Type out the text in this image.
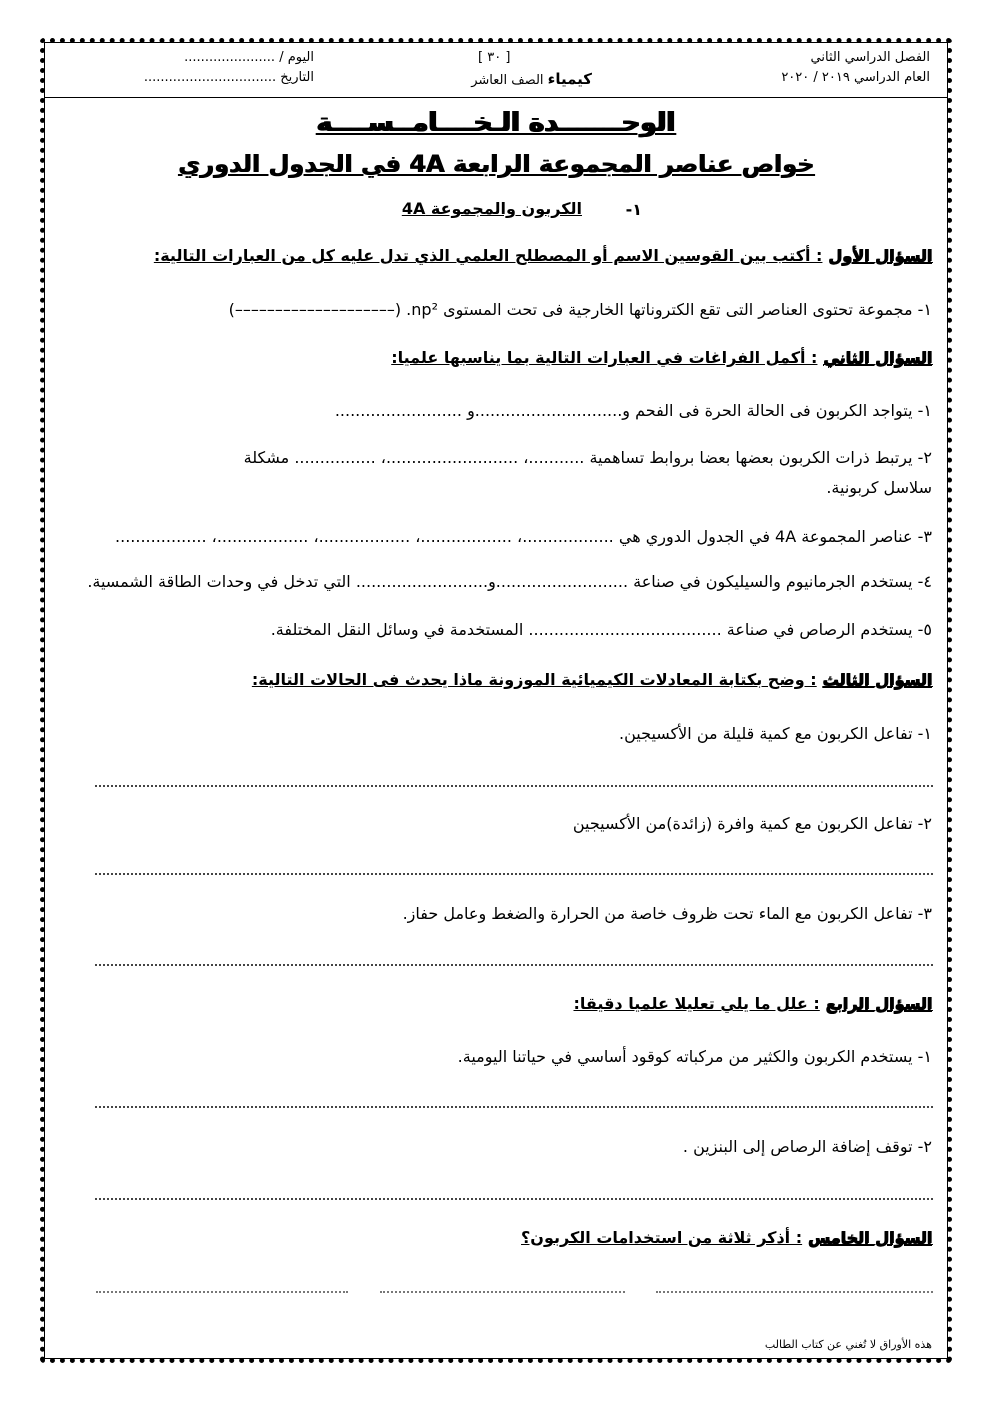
الفصل الدراسي الثاني
العام الدراسي ٢٠١٩ / ٢٠٢٠
[ ٣٠ ]
كيمياء الصف العاشر
اليوم / ......................
التاريخ ................................
الوحـــــــدة الـخــــامــســــة
خواص عناصر المجموعة الرابعة 4A في الجدول الدوري
١-
الكربون والمجموعة 4A
السؤال الأول : أكتب بين القوسين الاسم أو المصطلح العلمي الذي تدل عليه كل من العبارات التالية:
١- مجموعة تحتوى العناصر التى تقع الكتروناتها الخارجية فى تحت المستوى np². (––––––––––––––––––––)
السؤال الثاني : أكمل الفراغات في العبارات التالية بما يناسبها علميا:
١- يتواجد الكربون فى الحالة الحرة فى الفحم و.............................و .........................
٢- يرتبط ذرات الكربون بعضها بعضا بروابط تساهمية ...........، ..........................، ................ مشكلة
سلاسل كربونية.
٣- عناصر المجموعة 4A في الجدول الدوري هي ..................، ..................، ..................، ..................، ..................
٤- يستخدم الجرمانيوم والسيليكون في صناعة ..........................و.......................... التي تدخل في وحدات الطاقة الشمسية.
٥- يستخدم الرصاص في صناعة ...................................... المستخدمة في وسائل النقل المختلفة.
السؤال الثالث : وضح بكتابة المعادلات الكيميائية الموزونة ماذا يحدث فى الحالات التالية:
١- تفاعل الكربون مع كمية قليلة من الأكسيجين.
٢- تفاعل الكربون مع كمية وافرة (زائدة)من الأكسيجين
٣- تفاعل الكربون مع الماء تحت ظروف خاصة من الحرارة والضغط وعامل حفاز.
السؤال الرابع : علل ما يلي تعليلا علميا دقيقا:
١- يستخدم الكربون والكثير من مركباته كوقود أساسي في حياتنا اليومية.
٢- توقف إضافة الرصاص إلى البنزين .
السؤال الخامس : أذكر ثلاثة من استخدامات الكربون؟
هذه الأوراق لا تُغني عن كتاب الطالب
